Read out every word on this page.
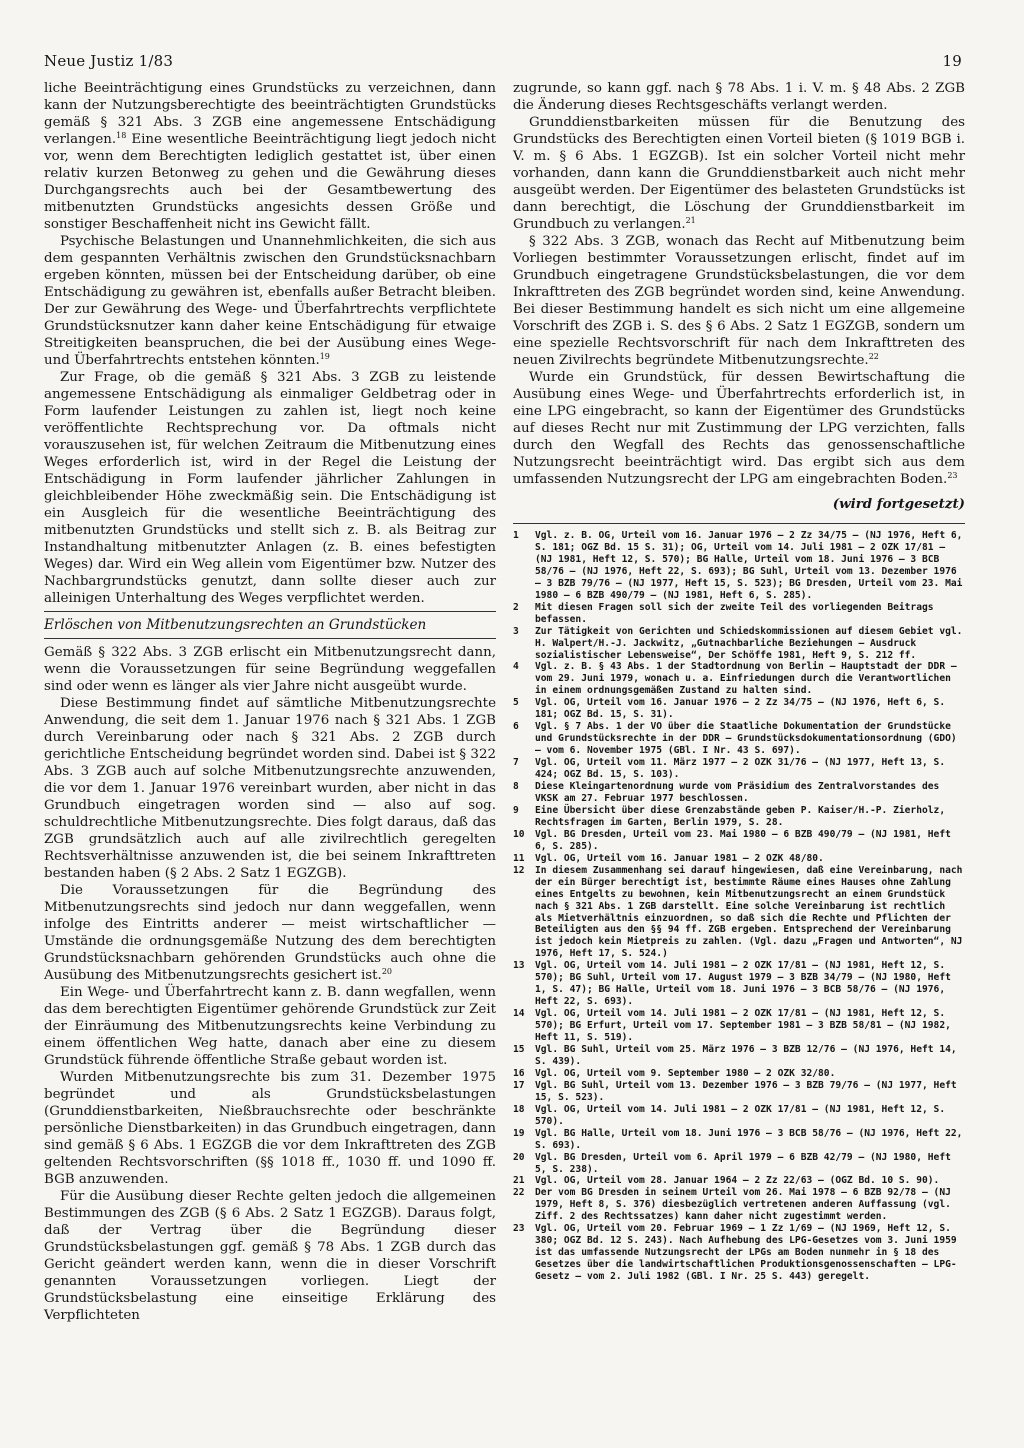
Neue Justiz 1/83	19

liche Beeinträchtigung eines Grundstücks zu verzeichnen, dann kann der Nutzungsberechtigte des beeinträchtigten Grundstücks gemäß § 321 Abs. 3 ZGB eine angemessene Entschädigung verlangen.$^{18}$ Eine wesentliche Beeinträchtigung liegt jedoch nicht vor, wenn dem Berechtigten lediglich gestattet ist, über einen relativ kurzen Betonweg zu gehen und die Gewährung dieses Durchgangsrechts auch bei der Gesamtbewertung des mitbenutzten Grundstücks angesichts dessen Größe und sonstiger Beschaffenheit nicht ins Gewicht fällt.

Psychische Belastungen und Unannehmlichkeiten, die sich aus dem gespannten Verhältnis zwischen den Grundstücksnachbarn ergeben könnten, müssen bei der Entscheidung darüber, ob eine Entschädigung zu gewähren ist, ebenfalls außer Betracht bleiben. Der zur Gewährung des Wege- und Überfahrtrechts verpflichtete Grundstücksnutzer kann daher keine Entschädigung für etwaige Streitigkeiten beanspruchen, die bei der Ausübung eines Wege- und Überfahrtrechts entstehen könnten.$^{19}$

Zur Frage, ob die gemäß § 321 Abs. 3 ZGB zu leistende angemessene Entschädigung als einmaliger Geldbetrag oder in Form laufender Leistungen zu zahlen ist, liegt noch keine veröffentlichte Rechtsprechung vor. Da oftmals nicht vorauszusehen ist, für welchen Zeitraum die Mitbenutzung eines Weges erforderlich ist, wird in der Regel die Leistung der Entschädigung in Form laufender jährlicher Zahlungen in gleichbleibender Höhe zweckmäßig sein. Die Entschädigung ist ein Ausgleich für die wesentliche Beeinträchtigung des mitbenutzten Grundstücks und stellt sich z. B. als Beitrag zur Instandhaltung mitbenutzter Anlagen (z. B. eines befestigten Weges) dar. Wird ein Weg allein vom Eigentümer bzw. Nutzer des Nachbargrundstücks genutzt, dann sollte dieser auch zur alleinigen Unterhaltung des Weges verpflichtet werden.

Erlöschen von Mitbenutzungsrechten an Grundstücken

Gemäß § 322 Abs. 3 ZGB erlischt ein Mitbenutzungsrecht dann, wenn die Voraussetzungen für seine Begründung weggefallen sind oder wenn es länger als vier Jahre nicht ausgeübt wurde.

Diese Bestimmung findet auf sämtliche Mitbenutzungsrechte Anwendung, die seit dem 1. Januar 1976 nach § 321 Abs. 1 ZGB durch Vereinbarung oder nach § 321 Abs. 2 ZGB durch gerichtliche Entscheidung begründet worden sind. Dabei ist § 322 Abs. 3 ZGB auch auf solche Mitbenutzungsrechte anzuwenden, die vor dem 1. Januar 1976 vereinbart wurden, aber nicht in das Grundbuch eingetragen worden sind — also auf sog. schuldrechtliche Mitbenutzungsrechte. Dies folgt daraus, daß das ZGB grundsätzlich auch auf alle zivilrechtlich geregelten Rechtsverhältnisse anzuwenden ist, die bei seinem Inkrafttreten bestanden haben (§ 2 Abs. 2 Satz 1 EGZGB).

Die Voraussetzungen für die Begründung des Mitbenutzungsrechts sind jedoch nur dann weggefallen, wenn infolge des Eintritts anderer — meist wirtschaftlicher — Umstände die ordnungsgemäße Nutzung des dem berechtigten Grundstücksnachbarn gehörenden Grundstücks auch ohne die Ausübung des Mitbenutzungsrechts gesichert ist.$^{20}$

Ein Wege- und Überfahrtrecht kann z. B. dann wegfallen, wenn das dem berechtigten Eigentümer gehörende Grundstück zur Zeit der Einräumung des Mitbenutzungsrechts keine Verbindung zu einem öffentlichen Weg hatte, danach aber eine zu diesem Grundstück führende öffentliche Straße gebaut worden ist.

Wurden Mitbenutzungsrechte bis zum 31. Dezember 1975 begründet und als Grundstücksbelastungen (Grunddienstbarkeiten, Nießbrauchsrechte oder beschränkte persönliche Dienstbarkeiten) in das Grundbuch eingetragen, dann sind gemäß § 6 Abs. 1 EGZGB die vor dem Inkrafttreten des ZGB geltenden Rechtsvorschriften (§§ 1018 ff., 1030 ff. und 1090 ff. BGB anzuwenden.

Für die Ausübung dieser Rechte gelten jedoch die allgemeinen Bestimmungen des ZGB (§ 6 Abs. 2 Satz 1 EGZGB). Daraus folgt, daß der Vertrag über die Begründung dieser Grundstücksbelastungen ggf. gemäß § 78 Abs. 1 ZGB durch das Gericht geändert werden kann, wenn die in dieser Vorschrift genannten Voraussetzungen vorliegen. Liegt der Grundstücksbelastung eine einseitige Erklärung des Verpflichteten

zugrunde, so kann ggf. nach § 78 Abs. 1 i. V. m. § 48 Abs. 2 ZGB die Änderung dieses Rechtsgeschäfts verlangt werden.

Grunddienstbarkeiten müssen für die Benutzung des Grundstücks des Berechtigten einen Vorteil bieten (§ 1019 BGB i. V. m. § 6 Abs. 1 EGZGB). Ist ein solcher Vorteil nicht mehr vorhanden, dann kann die Grunddienstbarkeit auch nicht mehr ausgeübt werden. Der Eigentümer des belasteten Grundstücks ist dann berechtigt, die Löschung der Grunddienstbarkeit im Grundbuch zu verlangen.$^{21}$

§ 322 Abs. 3 ZGB, wonach das Recht auf Mitbenutzung beim Vorliegen bestimmter Voraussetzungen erlischt, findet auf im Grundbuch eingetragene Grundstücksbelastungen, die vor dem Inkrafttreten des ZGB begründet worden sind, keine Anwendung. Bei dieser Bestimmung handelt es sich nicht um eine allgemeine Vorschrift des ZGB i. S. des § 6 Abs. 2 Satz 1 EGZGB, sondern um eine spezielle Rechtsvorschrift für nach dem Inkrafttreten des neuen Zivilrechts begründete Mitbenutzungsrechte.$^{22}$

Wurde ein Grundstück, für dessen Bewirtschaftung die Ausübung eines Wege- und Überfahrtrechts erforderlich ist, in eine LPG eingebracht, so kann der Eigentümer des Grundstücks auf dieses Recht nur mit Zustimmung der LPG verzichten, falls durch den Wegfall des Rechts das genossenschaftliche Nutzungsrecht beeinträchtigt wird. Das ergibt sich aus dem umfassenden Nutzungsrecht der LPG am eingebrachten Boden.$^{23}$

(wird fortgesetzt)
1	Vgl. z. B. OG, Urteil vom 16. Januar 1976 — 2 Zz 34/75 — (NJ 1976, Heft 6, S. 181; OGZ Bd. 15 S. 31); OG, Urteil vom 14. Juli 1981 — 2 OZK 17/81 — (NJ 1981, Heft 12, S. 570); BG Halle, Urteil vom 18. Juni 1976 — 3 BCB 58/76 — (NJ 1976, Heft 22, S. 693); BG Suhl, Urteil vom 13. Dezember 1976 — 3 BZB 79/76 — (NJ 1977, Heft 15, S. 523); BG Dresden, Urteil vom 23. Mai 1980 — 6 BZB 490/79 — (NJ 1981, Heft 6, S. 285).
2	Mit diesen Fragen soll sich der zweite Teil des vorliegenden Beitrags befassen.
3	Zur Tätigkeit von Gerichten und Schiedskommissionen auf diesem Gebiet vgl. H. Walpert/H.-J. Jackwitz, „Gutnachbarliche Beziehungen — Ausdruck sozialistischer Lebensweise“, Der Schöffe 1981, Heft 9, S. 212 ff.
4	Vgl. z. B. § 43 Abs. 1 der Stadtordnung von Berlin — Hauptstadt der DDR — vom 29. Juni 1979, wonach u. a. Einfriedungen durch die Verantwortlichen in einem ordnungsgemäßen Zustand zu halten sind.
5	Vgl. OG, Urteil vom 16. Januar 1976 — 2 Zz 34/75 — (NJ 1976, Heft 6, S. 181; OGZ Bd. 15, S. 31).
6	Vgl. § 7 Abs. 1 der VO über die Staatliche Dokumentation der Grundstücke und Grundstücksrechte in der DDR — Grundstücksdokumentationsordnung (GDO) — vom 6. November 1975 (GBl. I Nr. 43 S. 697).
7	Vgl. OG, Urteil vom 11. März 1977 — 2 OZK 31/76 — (NJ 1977, Heft 13, S. 424; OGZ Bd. 15, S. 103).
8	Diese Kleingartenordnung wurde vom Präsidium des Zentralvorstandes des VKSK am 27. Februar 1977 beschlossen.
9	Eine Übersicht über diese Grenzabstände geben P. Kaiser/H.-P. Zierholz, Rechtsfragen im Garten, Berlin 1979, S. 28.
10	Vgl. BG Dresden, Urteil vom 23. Mai 1980 — 6 BZB 490/79 — (NJ 1981, Heft 6, S. 285).
11	Vgl. OG, Urteil vom 16. Januar 1981 — 2 OZK 48/80.
12	In diesem Zusammenhang sei darauf hingewiesen, daß eine Vereinbarung, nach der ein Bürger berechtigt ist, bestimmte Räume eines Hauses ohne Zahlung eines Entgelts zu bewohnen, kein Mitbenutzungsrecht an einem Grundstück nach § 321 Abs. 1 ZGB darstellt. Eine solche Vereinbarung ist rechtlich als Mietverhältnis einzuordnen, so daß sich die Rechte und Pflichten der Beteiligten aus den §§ 94 ff. ZGB ergeben. Entsprechend der Vereinbarung ist jedoch kein Mietpreis zu zahlen. (Vgl. dazu „Fragen und Antworten“, NJ 1976, Heft 17, S. 524.)
13	Vgl. OG, Urteil vom 14. Juli 1981 — 2 OZK 17/81 — (NJ 1981, Heft 12, S. 570); BG Suhl, Urteil vom 17. August 1979 — 3 BZB 34/79 — (NJ 1980, Heft 1, S. 47); BG Halle, Urteil vom 18. Juni 1976 — 3 BCB 58/76 — (NJ 1976, Heft 22, S. 693).
14	Vgl. OG, Urteil vom 14. Juli 1981 — 2 OZK 17/81 — (NJ 1981, Heft 12, S. 570); BG Erfurt, Urteil vom 17. September 1981 — 3 BZB 58/81 — (NJ 1982, Heft 11, S. 519).
15	Vgl. BG Suhl, Urteil vom 25. März 1976 — 3 BZB 12/76 — (NJ 1976, Heft 14, S. 439).
16	Vgl. OG, Urteil vom 9. September 1980 — 2 OZK 32/80.
17	Vgl. BG Suhl, Urteil vom 13. Dezember 1976 — 3 BZB 79/76 — (NJ 1977, Heft 15, S. 523).
18	Vgl. OG, Urteil vom 14. Juli 1981 — 2 OZK 17/81 — (NJ 1981, Heft 12, S. 570).
19	Vgl. BG Halle, Urteil vom 18. Juni 1976 — 3 BCB 58/76 — (NJ 1976, Heft 22, S. 693).
20	Vgl. BG Dresden, Urteil vom 6. April 1979 — 6 BZB 42/79 — (NJ 1980, Heft 5, S. 238).
21	Vgl. OG, Urteil vom 28. Januar 1964 — 2 Zz 22/63 — (OGZ Bd. 10 S. 90).
22	Der vom BG Dresden in seinem Urteil vom 26. Mai 1978 — 6 BZB 92/78 — (NJ 1979, Heft 8, S. 376) diesbezüglich vertretenen anderen Auffassung (vgl. Ziff. 2 des Rechtssatzes) kann daher nicht zugestimmt werden.
23	Vgl. OG, Urteil vom 20. Februar 1969 — 1 Zz 1/69 — (NJ 1969, Heft 12, S. 380; OGZ Bd. 12 S. 243). Nach Aufhebung des LPG-Gesetzes vom 3. Juni 1959 ist das umfassende Nutzungsrecht der LPGs am Boden nunmehr in § 18 des Gesetzes über die landwirtschaftlichen Produktionsgenossenschaften — LPG-Gesetz — vom 2. Juli 1982 (GBl. I Nr. 25 S. 443) geregelt.
